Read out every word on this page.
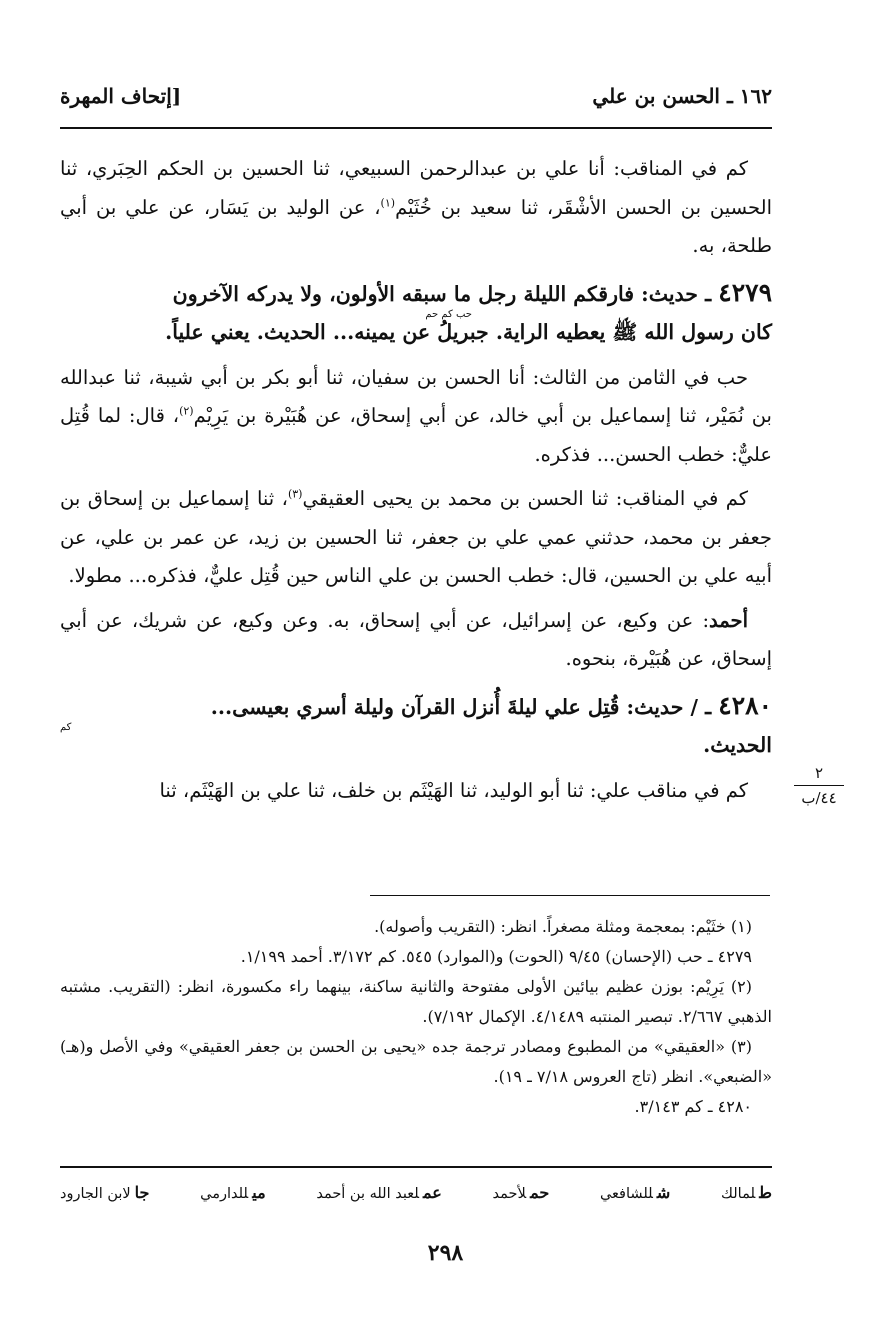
١٦٢ ـ الحسن بن علي
[إتحاف المهرة

كم في المناقب: أنا علي بن عبدالرحمن السبيعي، ثنا الحسين بن الحكم الحِبَري، ثنا الحسين بن الحسن الأشْقَر، ثنا سعيد بن خُثَيْم$^{(١)}$، عن الوليد بن يَسَار، عن علي بن أبي طلحة، به.

٤٢٧٩ ـ حديث: فارقكم الليلة رجل ما سبقه الأولون، ولا يدركه الآخرون
حب كم حم
كان رسول الله ﷺ يعطيه الراية. جبريلُ عن يمينه... الحديث. يعني علياً.

حب في الثامن من الثالث: أنا الحسن بن سفيان، ثنا أبو بكر بن أبي شيبة، ثنا عبدالله بن نُمَيْر، ثنا إسماعيل بن أبي خالد، عن أبي إسحاق، عن هُبَيْرة بن يَرِيْم$^{(٢)}$، قال: لما قُتِل عليٌّ: خطب الحسن... فذكره.

كم في المناقب: ثنا الحسن بن محمد بن يحيى العقيقي$^{(٣)}$، ثنا إسماعيل بن إسحاق بن جعفر بن محمد، حدثني عمي علي بن جعفر، ثنا الحسين بن زيد، عن عمر بن علي، عن أبيه علي بن الحسين، قال: خطب الحسن بن علي الناس حين قُتِل عليٌّ، فذكره... مطولا.

أحمد: عن وكيع، عن إسرائيل، عن أبي إسحاق، به. وعن وكيع، عن شريك، عن أبي إسحاق، عن هُبَيْرة، بنحوه.

٤٢٨٠ ـ / حديث: قُتِل علي ليلةَ أُنزل القرآن وليلة أسري بعيسى...
كم
الحديث.

كم في مناقب علي: ثنا أبو الوليد، ثنا الهَيْثَم بن خلف، ثنا علي بن الهَيْثَم، ثنا

٢
٤٤/ب

(١) خثَيْم: بمعجمة ومثلة مصغراً. انظر: (التقريب وأصوله).

٤٢٧٩ ـ حب (الإحسان) ٩/٤٥ (الحوت) و(الموارد) ٥٤٥. كم ٣/١٧٢. أحمد ١/١٩٩.

(٢) يَرِيْم: بوزن عظيم بيائين الأولى مفتوحة والثانية ساكنة، بينهما راء مكسورة، انظر: (التقريب. مشتبه الذهبي ٢/٦٦٧. تبصير المنتبه ٤/١٤٨٩. الإكمال ٧/١٩٢).

(٣) «العقيقي» من المطبوع ومصادر ترجمة جده «يحيى بن الحسن بن جعفر العقيقي» وفي الأصل و(هـ) «الضبعي». انظر (تاج العروس ٧/١٨ ـ ١٩).

٤٢٨٠ ـ كم ٣/١٤٣.

طلمالك
شللشافعي
حملأحمد
عملعبد الله بن أحمد
ميللدارمي
جالابن الجارود
٢٩٨
